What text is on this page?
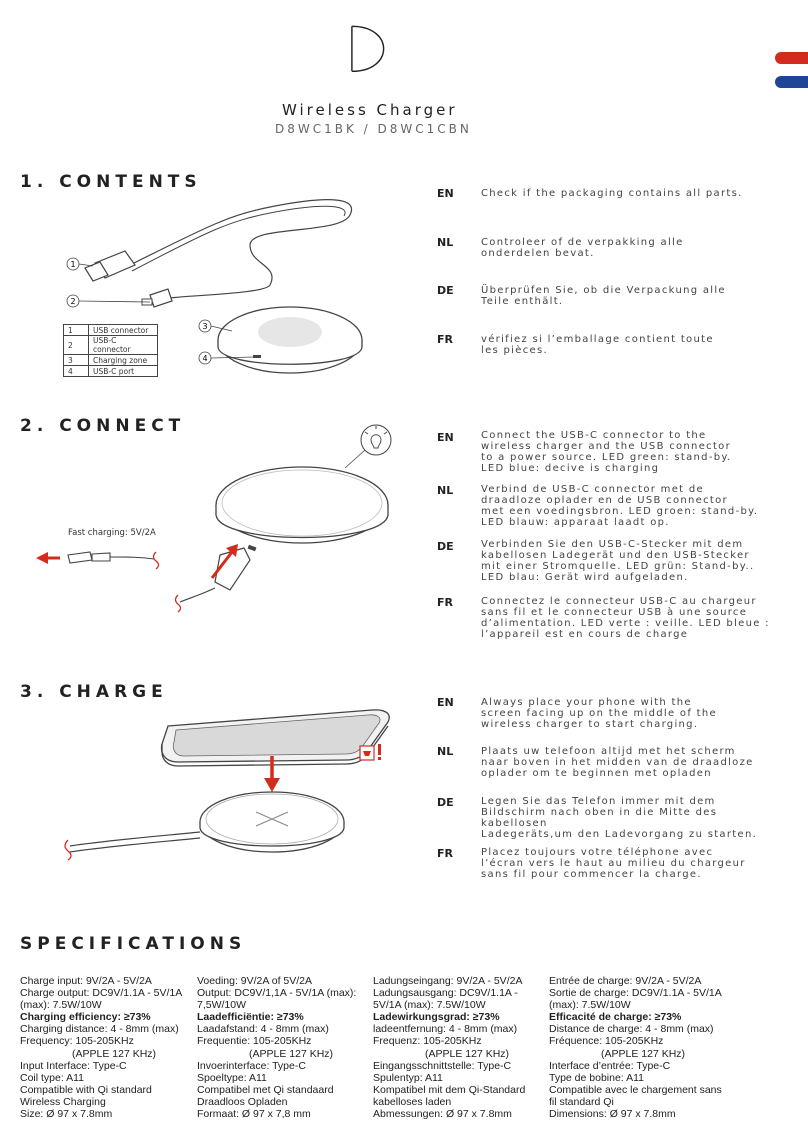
Wireless Charger
D8WC1BK / D8WC1CBN
1. CONTENTS
2. CONNECT
3. CHARGE
SPECIFICATIONS
1
2
3
4
1	USB connector
2	USB-C connector
3	Charging zone
4	USB-C port
Fast charging: 5V/2A
EN	Check if the packaging contains all parts.

NL	Controleer of de verpakking alle
onderdelen bevat.

DE	Überprüfen Sie, ob die Verpackung alle
Teile enthält.

FR	vérifiez si l’emballage contient toute
les pièces.

EN	Connect the USB-C connector to the
wireless charger and the USB connector
to a power source. LED green: stand-by.
LED blue: decive is charging

NL	Verbind de USB-C connector met de
draadloze oplader en de USB connector
met een voedingsbron. LED groen: stand-by.
LED blauw: apparaat laadt op.

DE	Verbinden Sie den USB-C-Stecker mit dem
kabellosen Ladegerät und den USB-Stecker
mit einer Stromquelle. LED grün: Stand-by..
LED blau: Gerät wird aufgeladen.

FR	Connectez le connecteur USB-C au chargeur
sans fil et le connecteur USB à une source
d’alimentation. LED verte : veille. LED bleue :
l’appareil est en cours de charge

EN	Always place your phone with the
screen facing up on the middle of the
wireless charger to start charging.

NL	Plaats uw telefoon altijd met het scherm
naar boven in het midden van de draadloze
oplader om te beginnen met opladen

DE	Legen Sie das Telefon immer mit dem
Bildschirm nach oben in die Mitte des kabellosen
Ladegeräts,um den Ladevorgang zu starten.

FR	Placez toujours votre téléphone avec
l’écran vers le haut au milieu du chargeur
sans fil pour commencer la charge.

Charge input: 9V/2A - 5V/2A
Charge output: DC9V/1.1A - 5V/1A (max): 7.5W/10W
Charging efficiency: ≥73%
Charging distance: 4 - 8mm (max)
Frequency: 105-205KHz
(APPLE 127 KHz)
Input Interface: Type-C
Coil type: A11
Compatible with Qi standard Wireless Charging
Size: Ø 97 x 7.8mm
Voeding: 9V/2A of 5V/2A
Output: DC9V/1,1A - 5V/1A (max): 7,5W/10W
Laadefficiëntie: ≥73%
Laadafstand: 4 - 8mm (max)
Frequentie: 105-205KHz
(APPLE 127 KHz)
Invoerinterface: Type-C
Spoeltype: A11
Compatibel met Qi standaard Draadloos Opladen
Formaat: Ø 97 x 7,8 mm
Ladungseingang: 9V/2A - 5V/2A
Ladungsausgang: DC9V/1.1A - 5V/1A (max): 7.5W/10W
Ladewirkungsgrad: ≥73%
ladeentfernung: 4 - 8mm (max)
Frequenz: 105-205KHz
(APPLE 127 KHz)
Eingangsschnittstelle: Type-C
Spulentyp: A11
Kompatibel mit dem Qi-Standard kabelloses laden
Abmessungen: Ø 97 x 7.8mm
Entrée de charge: 9V/2A - 5V/2A
Sortie de charge: DC9V/1.1A - 5V/1A (max): 7.5W/10W
Efficacité de charge: ≥73%
Distance de charge: 4 - 8mm (max)
Fréquence: 105-205KHz
(APPLE 127 KHz)
Interface d’entrée: Type-C
Type de bobine: A11
Compatible avec le chargement sans fil standard Qi
Dimensions: Ø 97 x 7.8mm
